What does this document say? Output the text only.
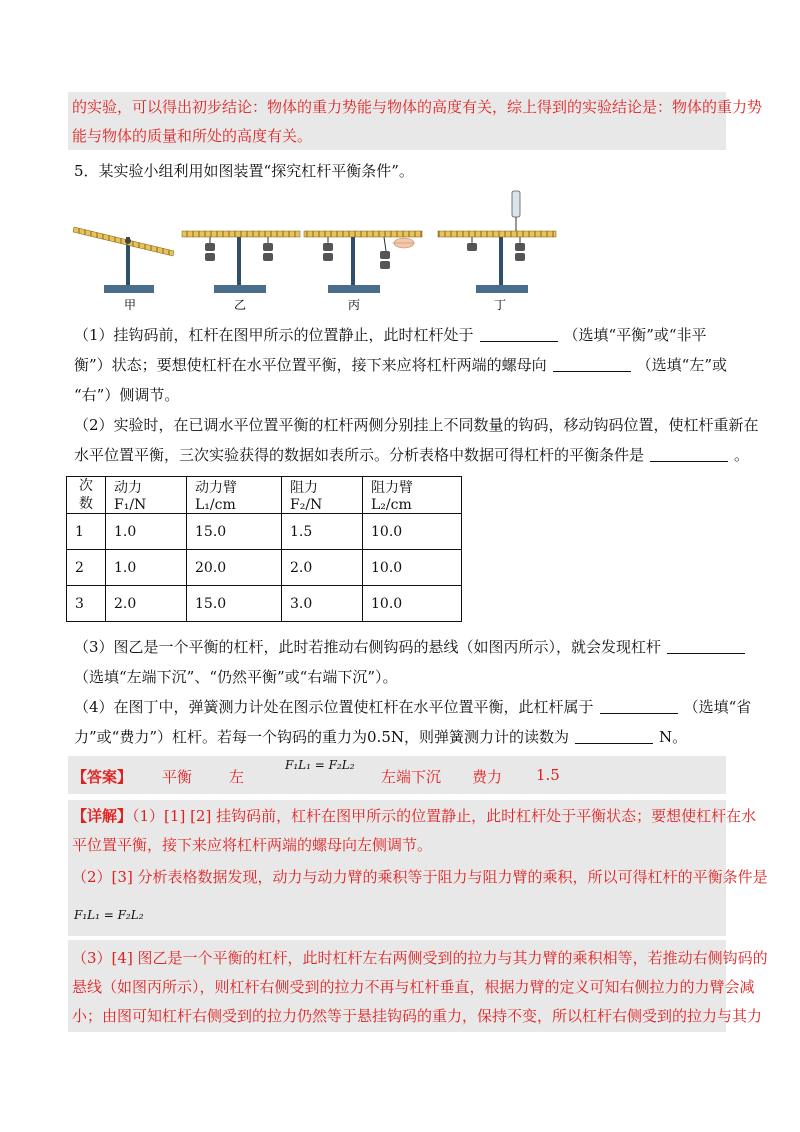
的实验，可以得出初步结论：物体的重力势能与物体的高度有关，综上得到的实验结论是：物体的重力势
能与物体的质量和所处的高度有关。
5．某实验小组利用如图装置“探究杠杆平衡条件”。
甲	乙	丙	丁
（1）挂钩码前，杠杆在图甲所示的位置静止，此时杠杆处于	（选填“平衡”或“非平
衡”）状态；要想使杠杆在水平位置平衡，接下来应将杠杆两端的螺母向	（选填“左”或
“右”）侧调节。
（2）实验时，在已调水平位置平衡的杠杆两侧分别挂上不同数量的钩码，移动钩码位置，使杠杆重新在
水平位置平衡，三次实验获得的数据如表所示。分析表格中数据可得杠杆的平衡条件是	。
次
数	动力 F₁/N	动力臂 L₁/cm	阻力 F₂/N	阻力臂 L₂/cm
1	1.0	15.0	1.5	10.0
2	1.0	20.0	2.0	10.0
3	2.0	15.0	3.0	10.0
（3）图乙是一个平衡的杠杆，此时若推动右侧钩码的悬线（如图丙所示），就会发现杠杆
（选填“左端下沉”、“仍然平衡”或“右端下沉”）。
（4）在图丁中，弹簧测力计处在图示位置使杠杆在水平位置平衡，此杠杆属于	（选填“省
力”或“费力”）杠杆。若每一个钩码的重力为0.5N，则弹簧测力计的读数为	N。
【答案】 平衡 左
F₁L₁ = F₂L₂
左端下沉 费力 1.5
【详解】（1）[1] [2] 挂钩码前，杠杆在图甲所示的位置静止，此时杠杆处于平衡状态；要想使杠杆在水
平位置平衡，接下来应将杠杆两端的螺母向左侧调节。
（2）[3] 分析表格数据发现，动力与动力臂的乘积等于阻力与阻力臂的乘积，所以可得杠杆的平衡条件是
F₁L₁ = F₂L₂
（3）[4] 图乙是一个平衡的杠杆，此时杠杆左右两侧受到的拉力与其力臂的乘积相等，若推动右侧钩码的
悬线（如图丙所示），则杠杆右侧受到的拉力不再与杠杆垂直，根据力臂的定义可知右侧拉力的力臂会减
小；由图可知杠杆右侧受到的拉力仍然等于悬挂钩码的重力，保持不变，所以杠杆右侧受到的拉力与其力
